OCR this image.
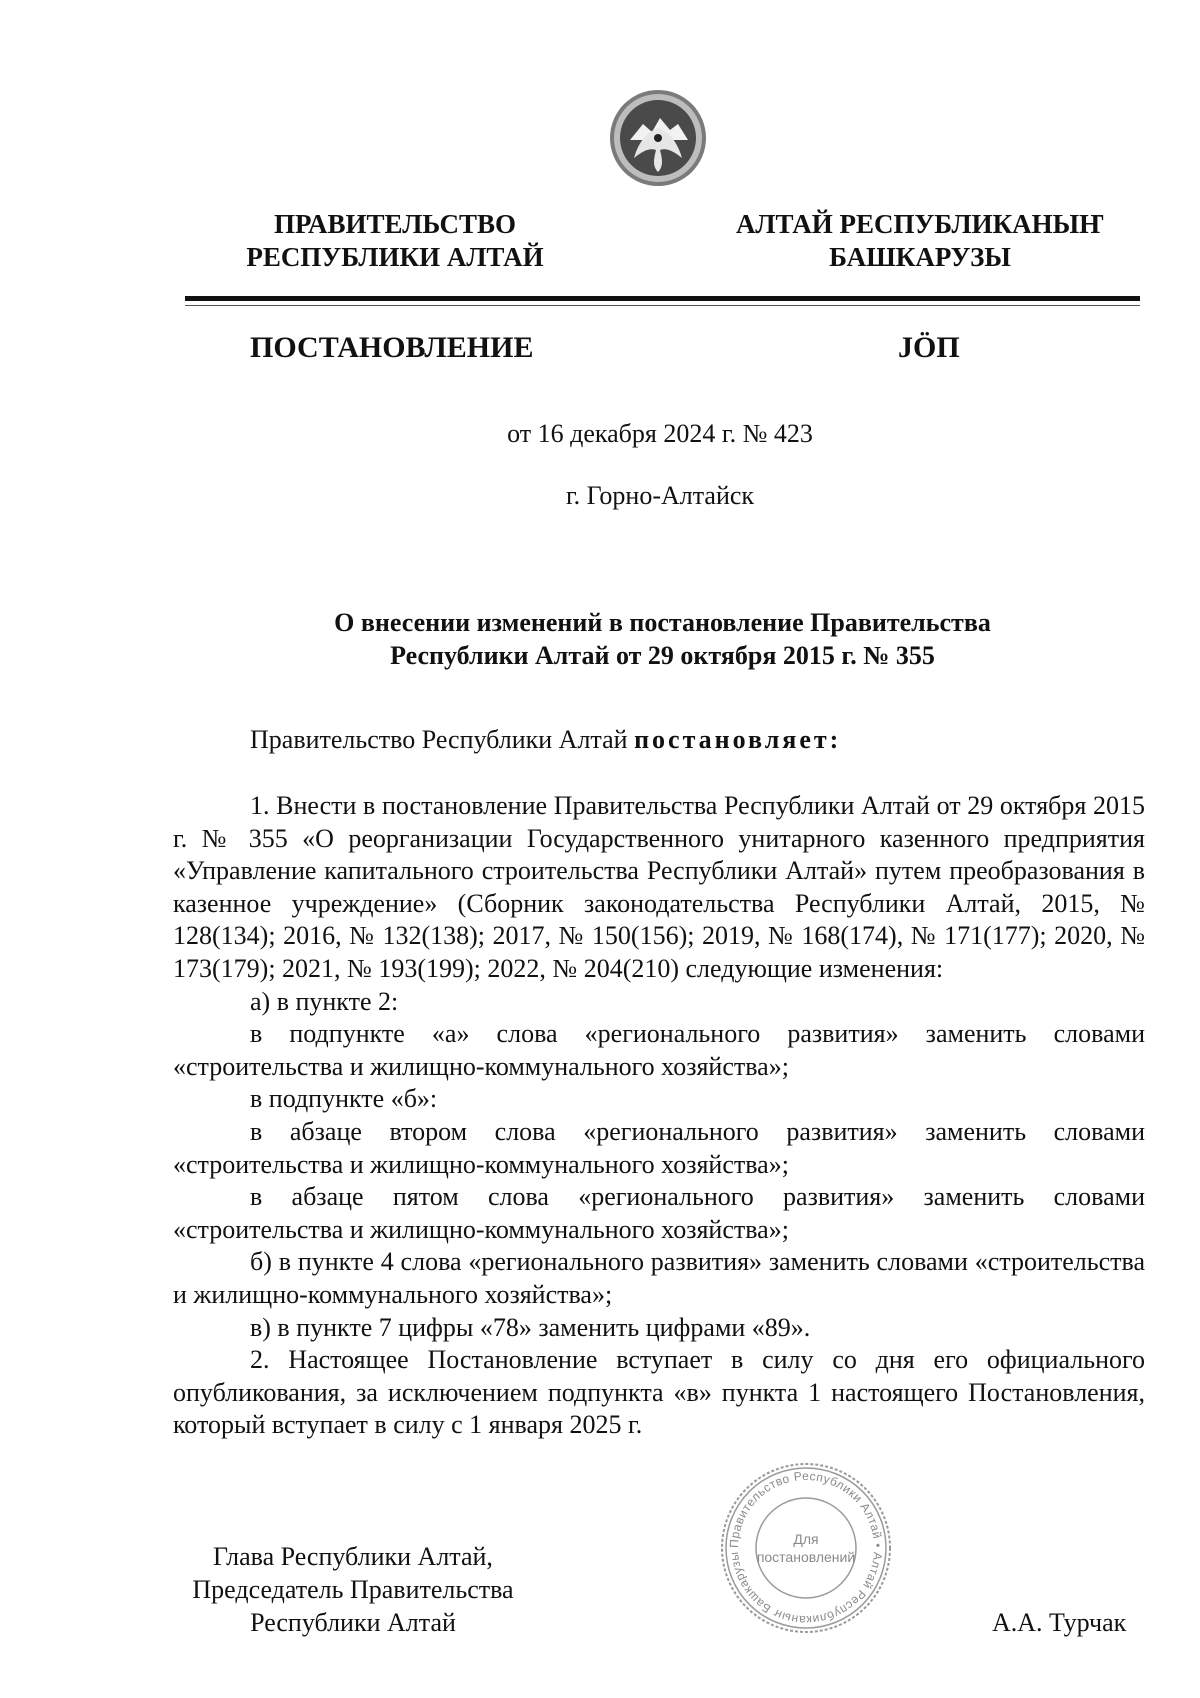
ПРАВИТЕЛЬСТВО
РЕСПУБЛИКИ АЛТАЙ
АЛТАЙ РЕСПУБЛИКАНЫҤ
БАШКАРУЗЫ
ПОСТАНОВЛЕНИЕ	JÖП
от 16 декабря 2024 г. № 423
г. Горно-Алтайск
О внесении изменений в постановление Правительства
Республики Алтай от 29 октября 2015 г. № 355
Правительство Республики Алтай постановляет:

1. Внести в постановление Правительства Республики Алтай от 29 октября 2015 г. № 355 «О реорганизации Государственного унитарного казенного предприятия «Управление капитального строительства Республики Алтай» путем преобразования в казенное учреждение» (Сборник законодательства Республики Алтай, 2015, № 128(134); 2016, № 132(138); 2017, № 150(156); 2019, № 168(174), № 171(177); 2020, № 173(179); 2021, № 193(199); 2022, № 204(210) следующие изменения:

а) в пункте 2:

в подпункте «а» слова «регионального развития» заменить словами «строительства и жилищно-коммунального хозяйства»;

в подпункте «б»:

в абзаце втором слова «регионального развития» заменить словами «строительства и жилищно-коммунального хозяйства»;

в абзаце пятом слова «регионального развития» заменить словами «строительства и жилищно-коммунального хозяйства»;

б) в пункте 4 слова «регионального развития» заменить словами «строительства и жилищно-коммунального хозяйства»;

в) в пункте 7 цифры «78» заменить цифрами «89».

2. Настоящее Постановление вступает в силу со дня его официального опубликования, за исключением подпункта «в» пункта 1 настоящего Постановления, который вступает в силу с 1 января 2025 г.

Глава Республики Алтай,
Председатель Правительства
Республики Алтай	А.А. Турчак
Правительство Республики Алтай • Алтай Республиканыҥ Башкарузы
Для
постановлений
